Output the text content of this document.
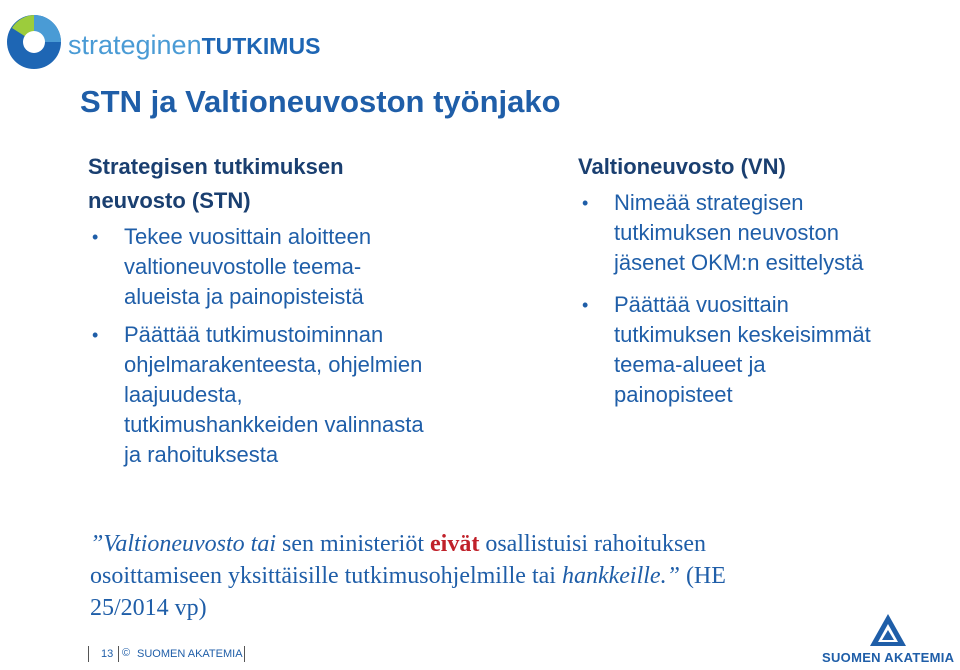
strateginenTUTKIMUS
STN ja Valtioneuvoston työnjako
Strategisen tutkimuksen
neuvosto (STN)
• Tekee vuosittain aloitteen
valtioneuvostolle teema-
alueista ja painopisteistä
• Päättää tutkimustoiminnan
ohjelmarakenteesta, ohjelmien
laajuudesta,
tutkimushankkeiden valinnasta
ja rahoituksesta
Valtioneuvosto (VN)
• Nimeää strategisen
tutkimuksen neuvoston
jäsenet OKM:n esittelystä
• Päättää vuosittain
tutkimuksen keskeisimmät
teema-alueet ja
painopisteet
”Valtioneuvosto tai sen ministeriöt eivät osallistuisi rahoituksen
osoittamiseen yksittäisille tutkimusohjelmille tai hankkeille.” (HE
25/2014 vp)
13 © SUOMEN AKATEMIA	SUOMEN AKATEMIA
